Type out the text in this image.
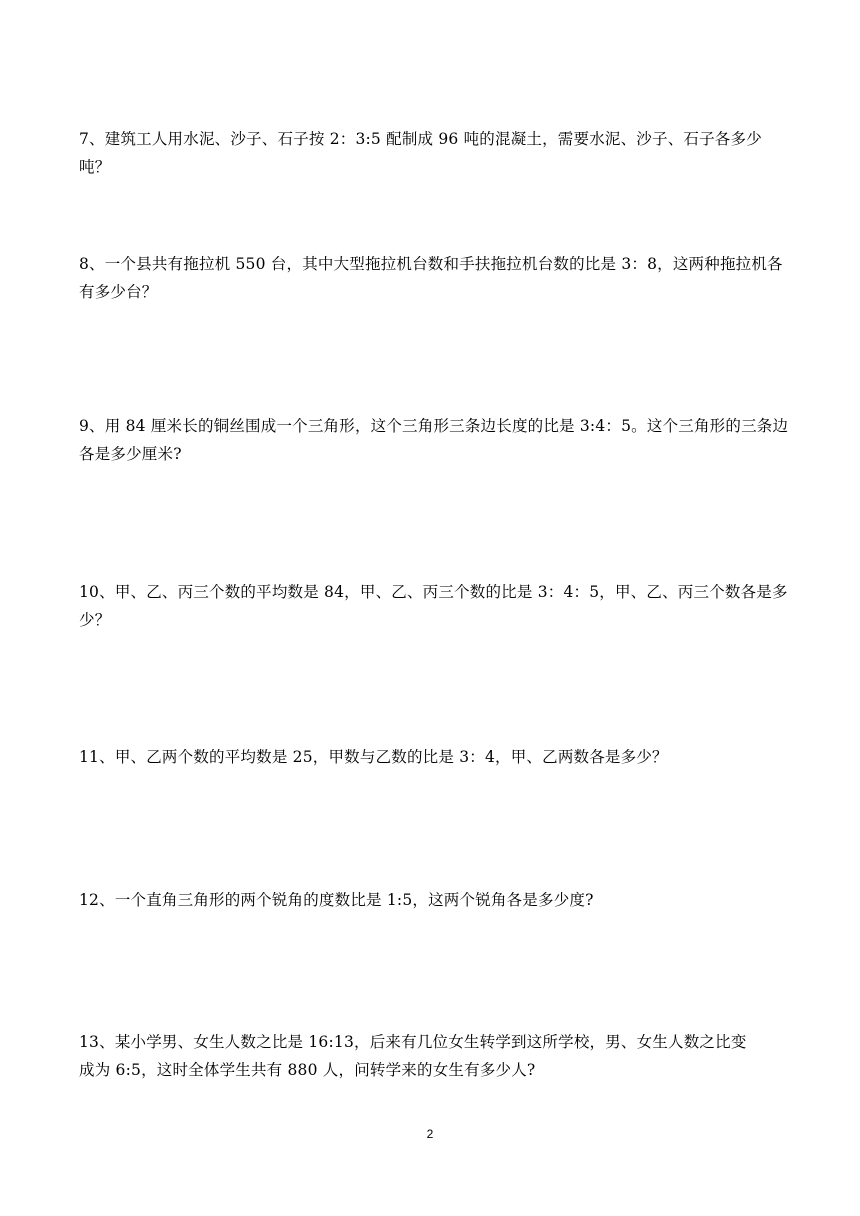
7、建筑工人用水泥、沙子、石子按 2：3:5 配制成 96 吨的混凝土，需要水泥、沙子、石子各多少吨？

8、一个县共有拖拉机 550 台，其中大型拖拉机台数和手扶拖拉机台数的比是 3：8，这两种拖拉机各有多少台？

9、用 84 厘米长的铜丝围成一个三角形，这个三角形三条边长度的比是 3:4：5。这个三角形的三条边各是多少厘米?

10、甲、乙、丙三个数的平均数是 84，甲、乙、丙三个数的比是 3：4：5，甲、乙、丙三个数各是多少？

11、甲、乙两个数的平均数是 25，甲数与乙数的比是 3：4，甲、乙两数各是多少？

12、一个直角三角形的两个锐角的度数比是 1:5，这两个锐角各是多少度?

13、某小学男、女生人数之比是 16:13，后来有几位女生转学到这所学校，男、女生人数之比变成为 6:5，这时全体学生共有 880 人，问转学来的女生有多少人?

2
